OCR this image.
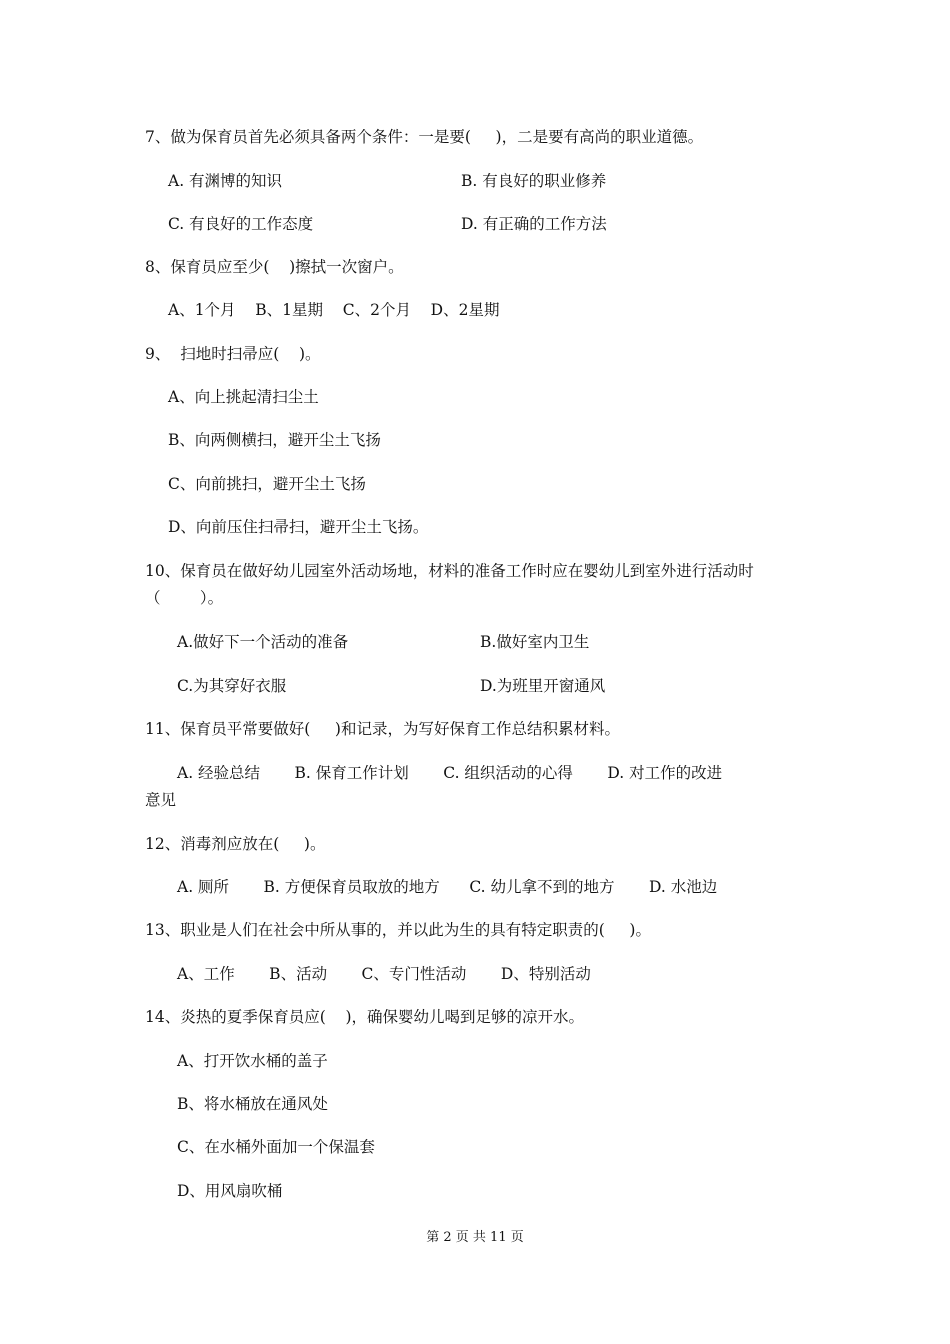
7、做为保育员首先必须具备两个条件：一是要(     )，二是要有高尚的职业道德。
A. 有渊博的知识	B. 有良好的职业修养
C. 有良好的工作态度	D. 有正确的工作方法
8、保育员应至少(    )擦拭一次窗户。
A、1个月    B、1星期    C、2个月    D、2星期
9、  扫地时扫帚应(    )。
A、向上挑起清扫尘土
B、向两侧横扫，避开尘土飞扬
C、向前挑扫，避开尘土飞扬
D、向前压住扫帚扫，避开尘土飞扬。
10、保育员在做好幼儿园室外活动场地，材料的准备工作时应在婴幼儿到室外进行活动时
（        ）。
A.做好下一个活动的准备	B.做好室内卫生
C.为其穿好衣服	D.为班里开窗通风
11、保育员平常要做好(     )和记录，为写好保育工作总结积累材料。
A. 经验总结       B. 保育工作计划       C. 组织活动的心得       D. 对工作的改进
意见
12、消毒剂应放在(     )。
A. 厕所       B. 方便保育员取放的地方      C. 幼儿拿不到的地方       D. 水池边
13、职业是人们在社会中所从事的，并以此为生的具有特定职责的(     )。
A、工作       B、活动       C、专门性活动       D、特别活动
14、炎热的夏季保育员应(    )，确保婴幼儿喝到足够的凉开水。
A、打开饮水桶的盖子
B、将水桶放在通风处
C、在水桶外面加一个保温套
D、用风扇吹桶
第 2 页 共 11 页
